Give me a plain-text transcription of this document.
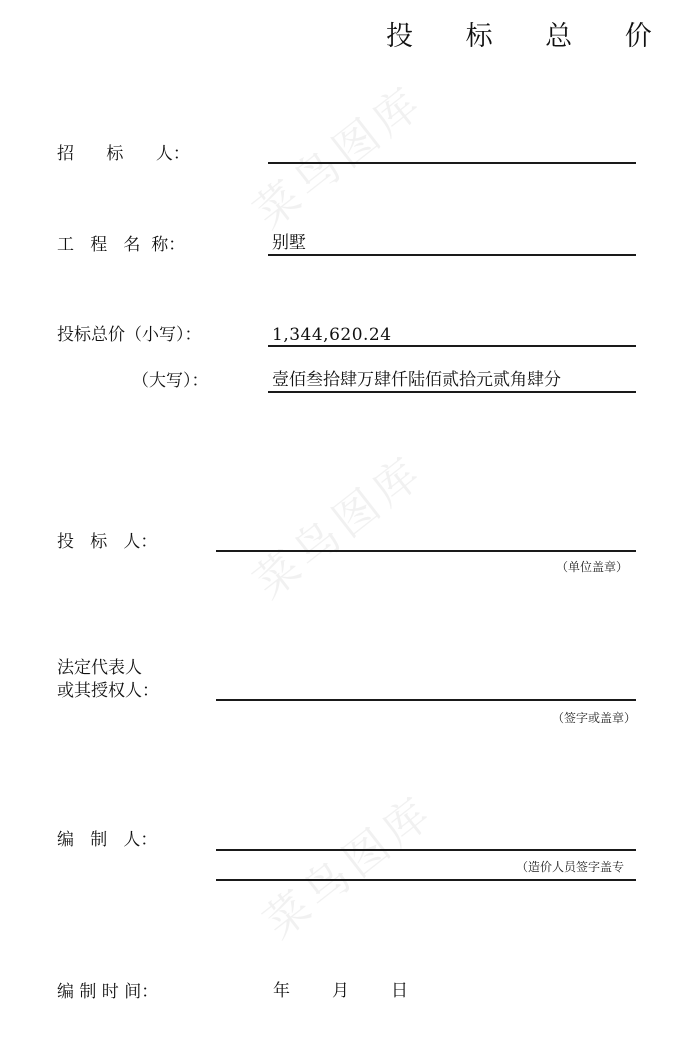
菜鸟图库
菜鸟图库
菜鸟图库
投 标 总 价
招      标      人：
工   程   名  称：	别墅
投标总价（小写）：	1,344,620.24
（大写）：	壹佰叁拾肆万肆仟陆佰贰拾元贰角肆分
投   标   人：
（单位盖章）
法定代表人
或其授权人：
（签字或盖章）
编   制   人：
（造价人员签字盖专
编 制 时 间：	年 月 日
